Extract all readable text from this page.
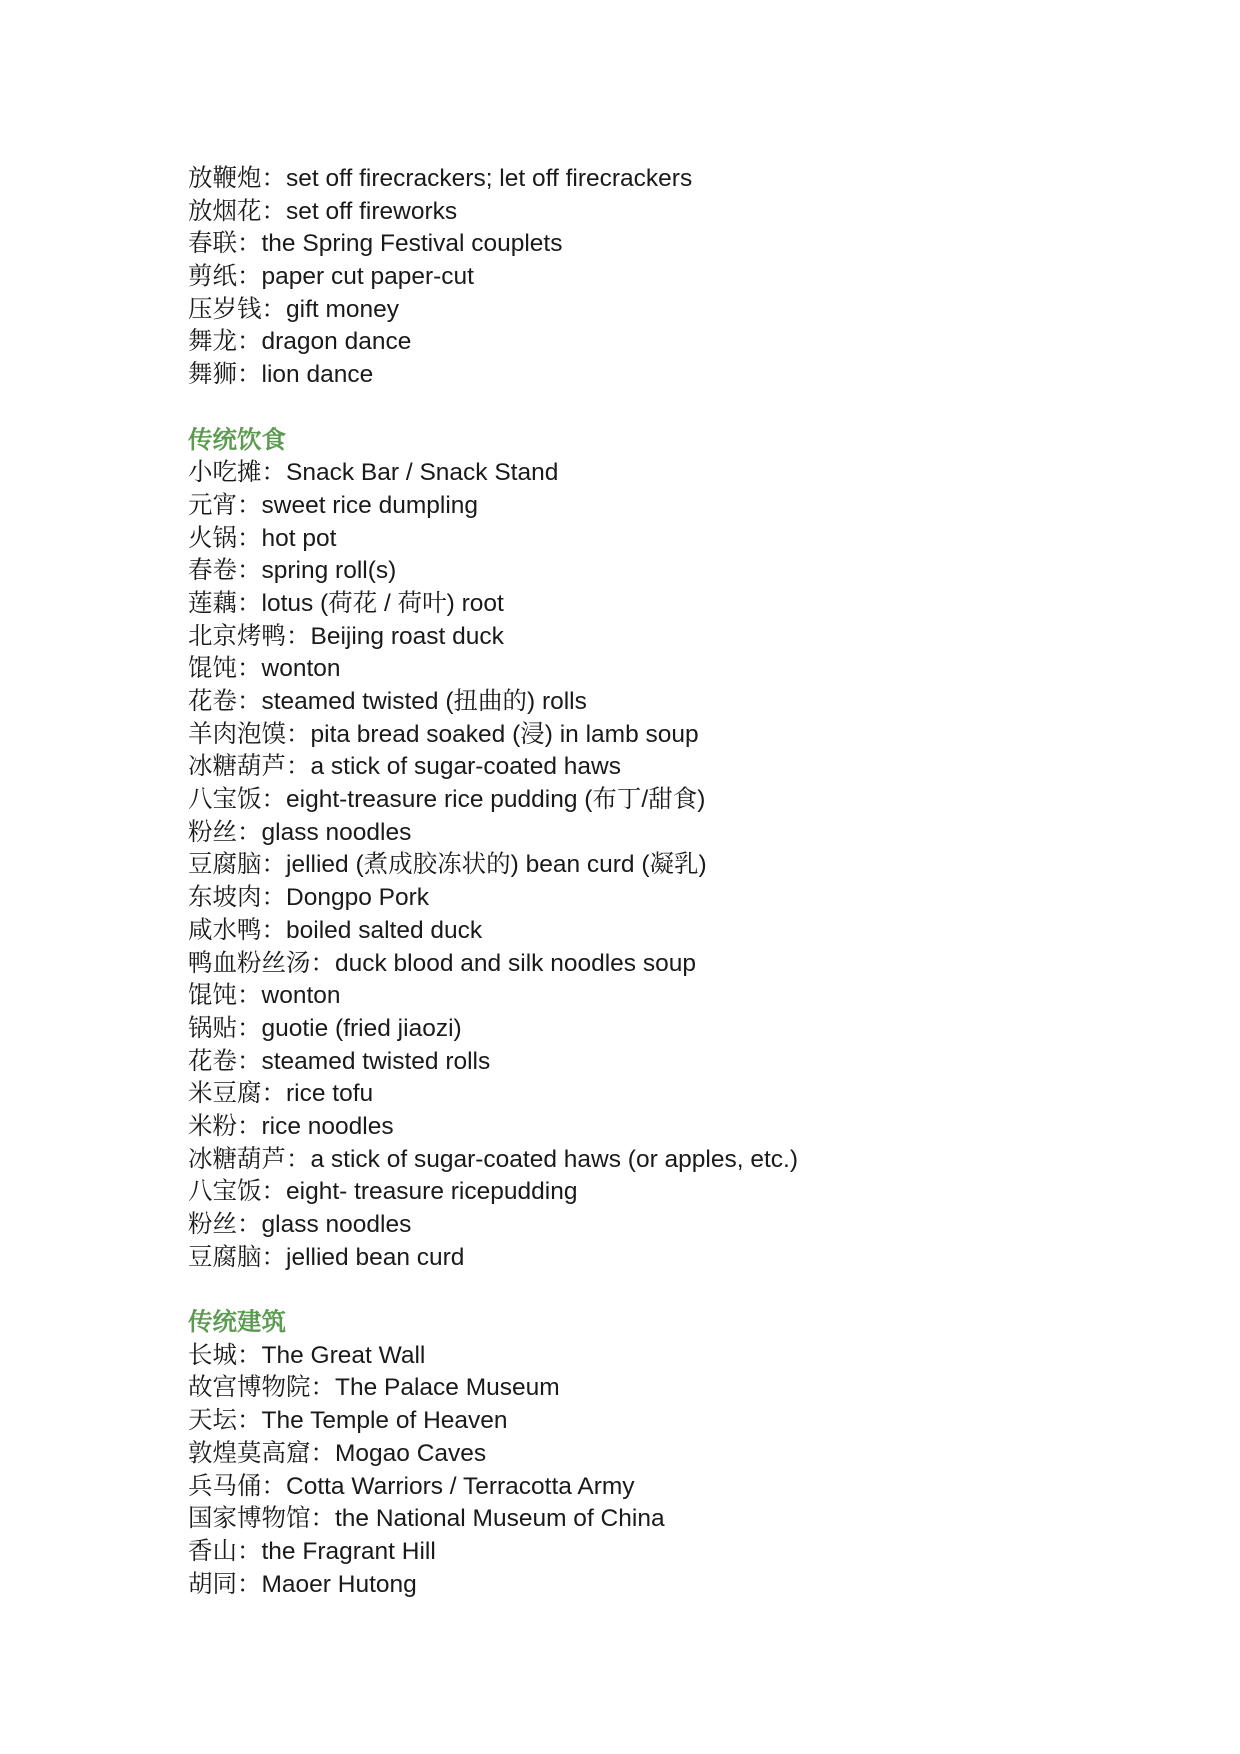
放鞭炮：set off firecrackers; let off firecrackers
放烟花：set off fireworks
春联：the Spring Festival couplets
剪纸：paper cut paper-cut
压岁钱：gift money
舞龙：dragon dance
舞狮：lion dance
传统饮食
小吃摊：Snack Bar / Snack Stand
元宵：sweet rice dumpling
火锅：hot pot
春卷：spring roll(s)
莲藕：lotus (荷花 / 荷叶) root
北京烤鸭：Beijing roast duck
馄饨：wonton
花卷：steamed twisted (扭曲的) rolls
羊肉泡馍：pita bread soaked (浸) in lamb soup
冰糖葫芦：a stick of sugar-coated haws
八宝饭：eight-treasure rice pudding (布丁/甜食)
粉丝：glass noodles
豆腐脑：jellied (煮成胶冻状的) bean curd (凝乳)
东坡肉：Dongpo Pork
咸水鸭：boiled salted duck
鸭血粉丝汤：duck blood and silk noodles soup
馄饨：wonton
锅贴：guotie (fried jiaozi)
花卷：steamed twisted rolls
米豆腐：rice tofu
米粉：rice noodles
冰糖葫芦：a stick of sugar-coated haws (or apples, etc.)
八宝饭：eight- treasure ricepudding
粉丝：glass noodles
豆腐脑：jellied bean curd
传统建筑
长城：The Great Wall
故宫博物院：The Palace Museum
天坛：The Temple of Heaven
敦煌莫高窟：Mogao Caves
兵马俑：Cotta Warriors / Terracotta Army
国家博物馆：the National Museum of China
香山：the Fragrant Hill
胡同：Maoer Hutong
